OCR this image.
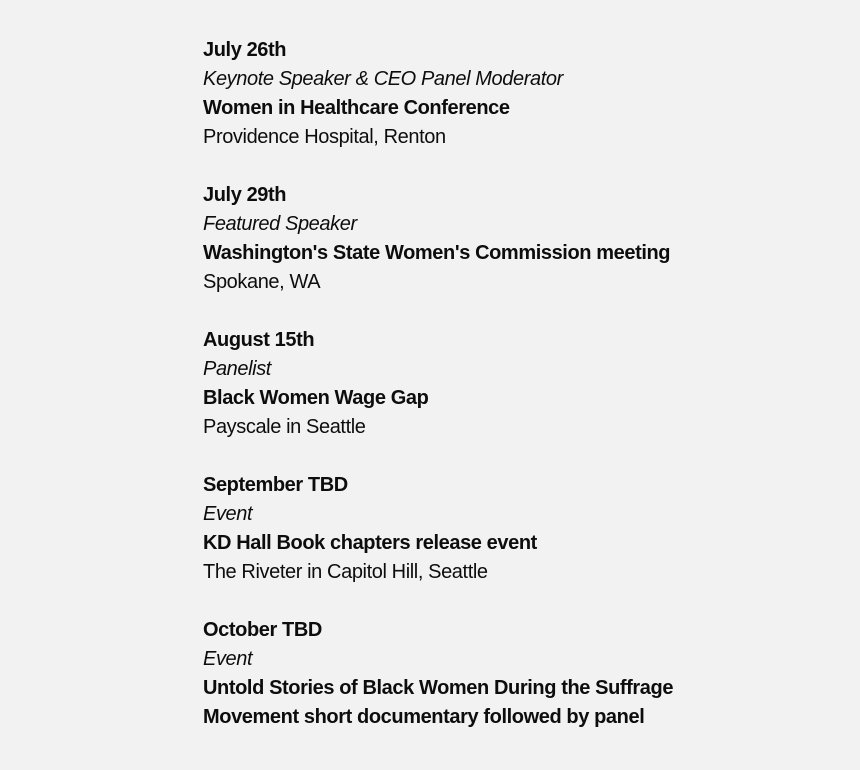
July 26th
Keynote Speaker & CEO Panel Moderator
Women in Healthcare Conference
Providence Hospital, Renton
July 29th
Featured Speaker
Washington's State Women's Commission meeting
Spokane, WA
August 15th
Panelist
Black Women Wage Gap
Payscale in Seattle
September TBD
Event
KD Hall Book chapters release event
The Riveter in Capitol Hill, Seattle
October TBD
Event
Untold Stories of Black Women During the Suffrage
Movement short documentary followed by panel
